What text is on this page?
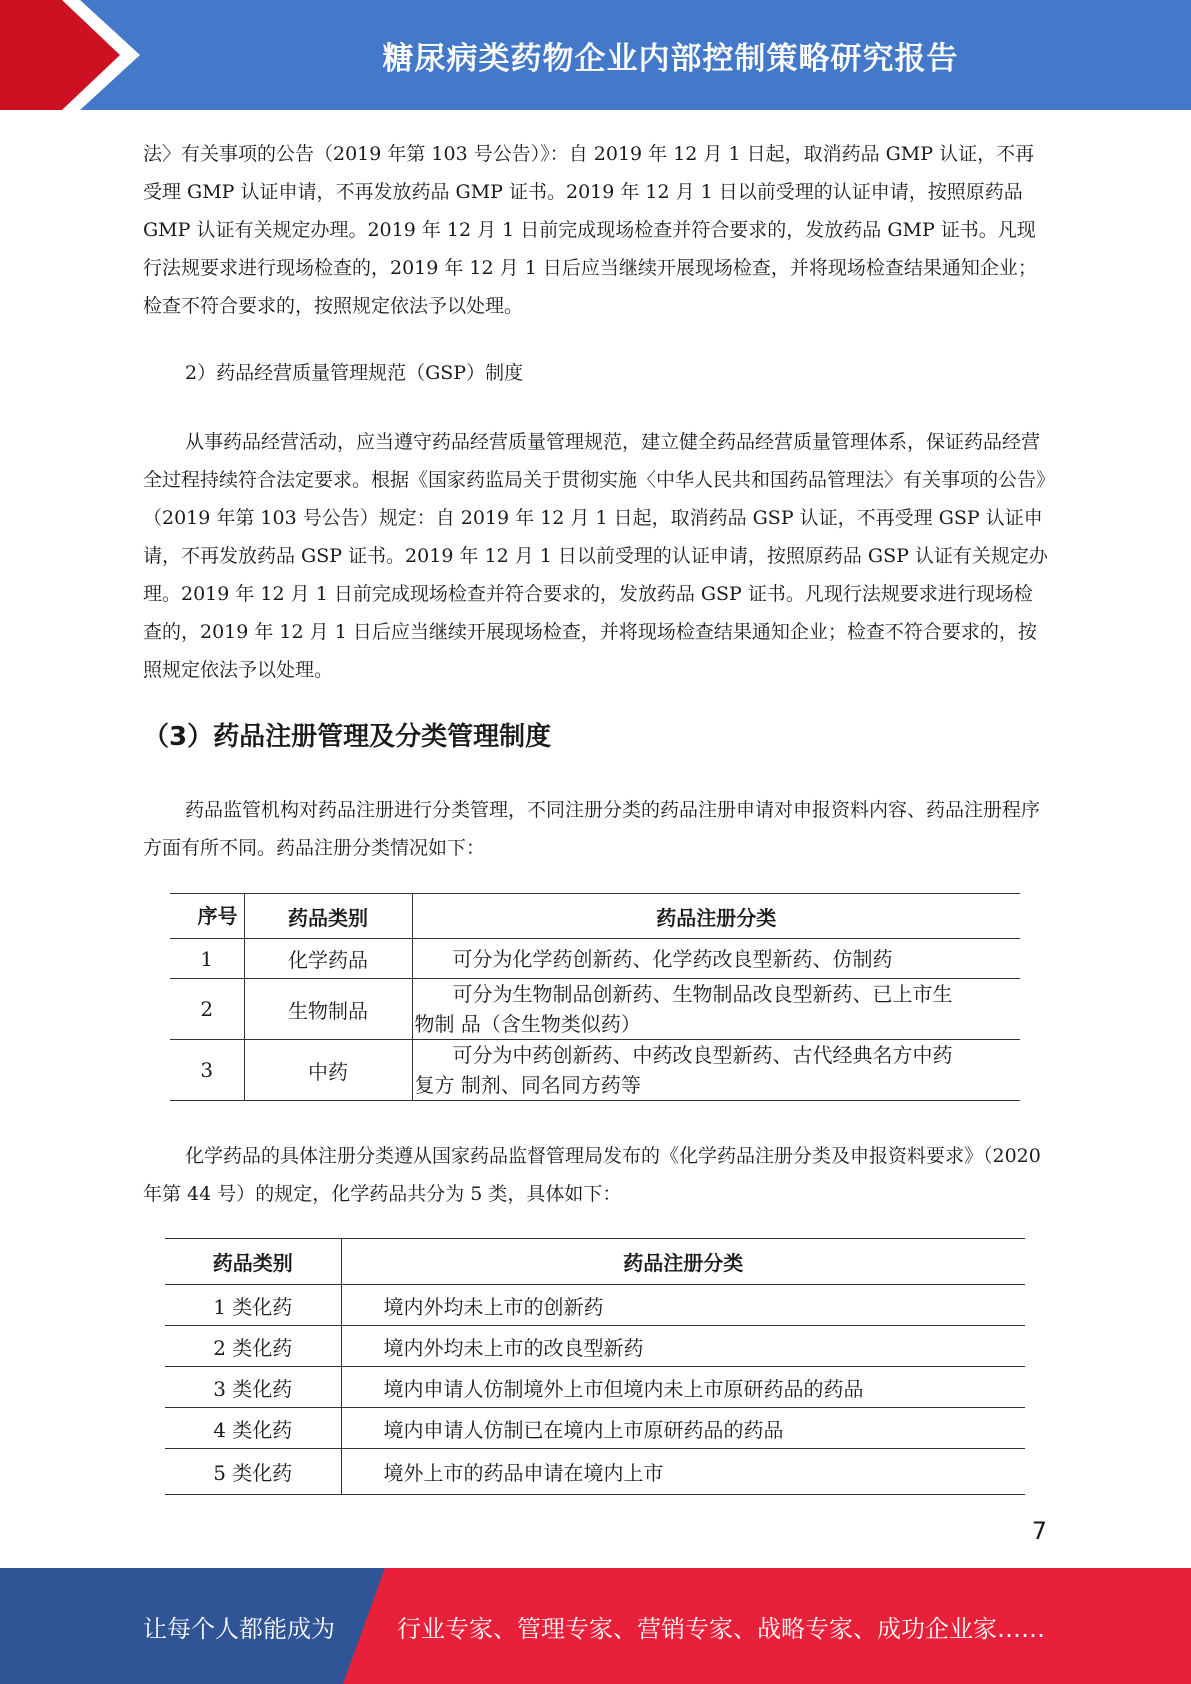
糖尿病类药物企业内部控制策略研究报告

法〉有关事项的公告（2019 年第 103 号公告）》：自 2019 年 12 月 1 日起，取消药品 GMP 认证，不再受理 GMP 认证申请，不再发放药品 GMP 证书。2019 年 12 月 1 日以前受理的认证申请，按照原药品 GMP 认证有关规定办理。2019 年 12 月 1 日前完成现场检查并符合要求的，发放药品 GMP 证书。凡现行法规要求进行现场检查的，2019 年 12 月 1 日后应当继续开展现场检查，并将现场检查结果通知企业；检查不符合要求的，按照规定依法予以处理。

2）药品经营质量管理规范（GSP）制度

从事药品经营活动，应当遵守药品经营质量管理规范，建立健全药品经营质量管理体系，保证药品经营全过程持续符合法定要求。根据《国家药监局关于贯彻实施〈中华人民共和国药品管理法〉有关事项的公告》（2019 年第 103 号公告）规定：自 2019 年 12 月 1 日起，取消药品 GSP 认证，不再受理 GSP 认证申请，不再发放药品 GSP 证书。2019 年 12 月 1 日以前受理的认证申请，按照原药品 GSP 认证有关规定办理。2019 年 12 月 1 日前完成现场检查并符合要求的，发放药品 GSP 证书。凡现行法规要求进行现场检查的，2019 年 12 月 1 日后应当继续开展现场检查，并将现场检查结果通知企业；检查不符合要求的，按照规定依法予以处理。

（3）药品注册管理及分类管理制度

药品监管机构对药品注册进行分类管理，不同注册分类的药品注册申请对申报资料内容、药品注册程序方面有所不同。药品注册分类情况如下：

序号	药品类别	药品注册分类
1	化学药品	可分为化学药创新药、化学药改良型新药、仿制药
2	生物制品	可分为生物制品创新药、生物制品改良型新药、已上市生
物制 品（含生物类似药）
3	中药	可分为中药创新药、中药改良型新药、古代经典名方中药
复方 制剂、同名同方药等

化学药品的具体注册分类遵从国家药品监督管理局发布的《化学药品注册分类及申报资料要求》（2020 年第 44 号）的规定，化学药品共分为 5 类，具体如下：

药品类别	药品注册分类
1 类化药	境内外均未上市的创新药
2 类化药	境内外均未上市的改良型新药
3 类化药	境内申请人仿制境外上市但境内未上市原研药品的药品
4 类化药	境内申请人仿制已在境内上市原研药品的药品
5 类化药	境外上市的药品申请在境内上市
7
让每个人都能成为	行业专家、管理专家、营销专家、战略专家、成功企业家……
